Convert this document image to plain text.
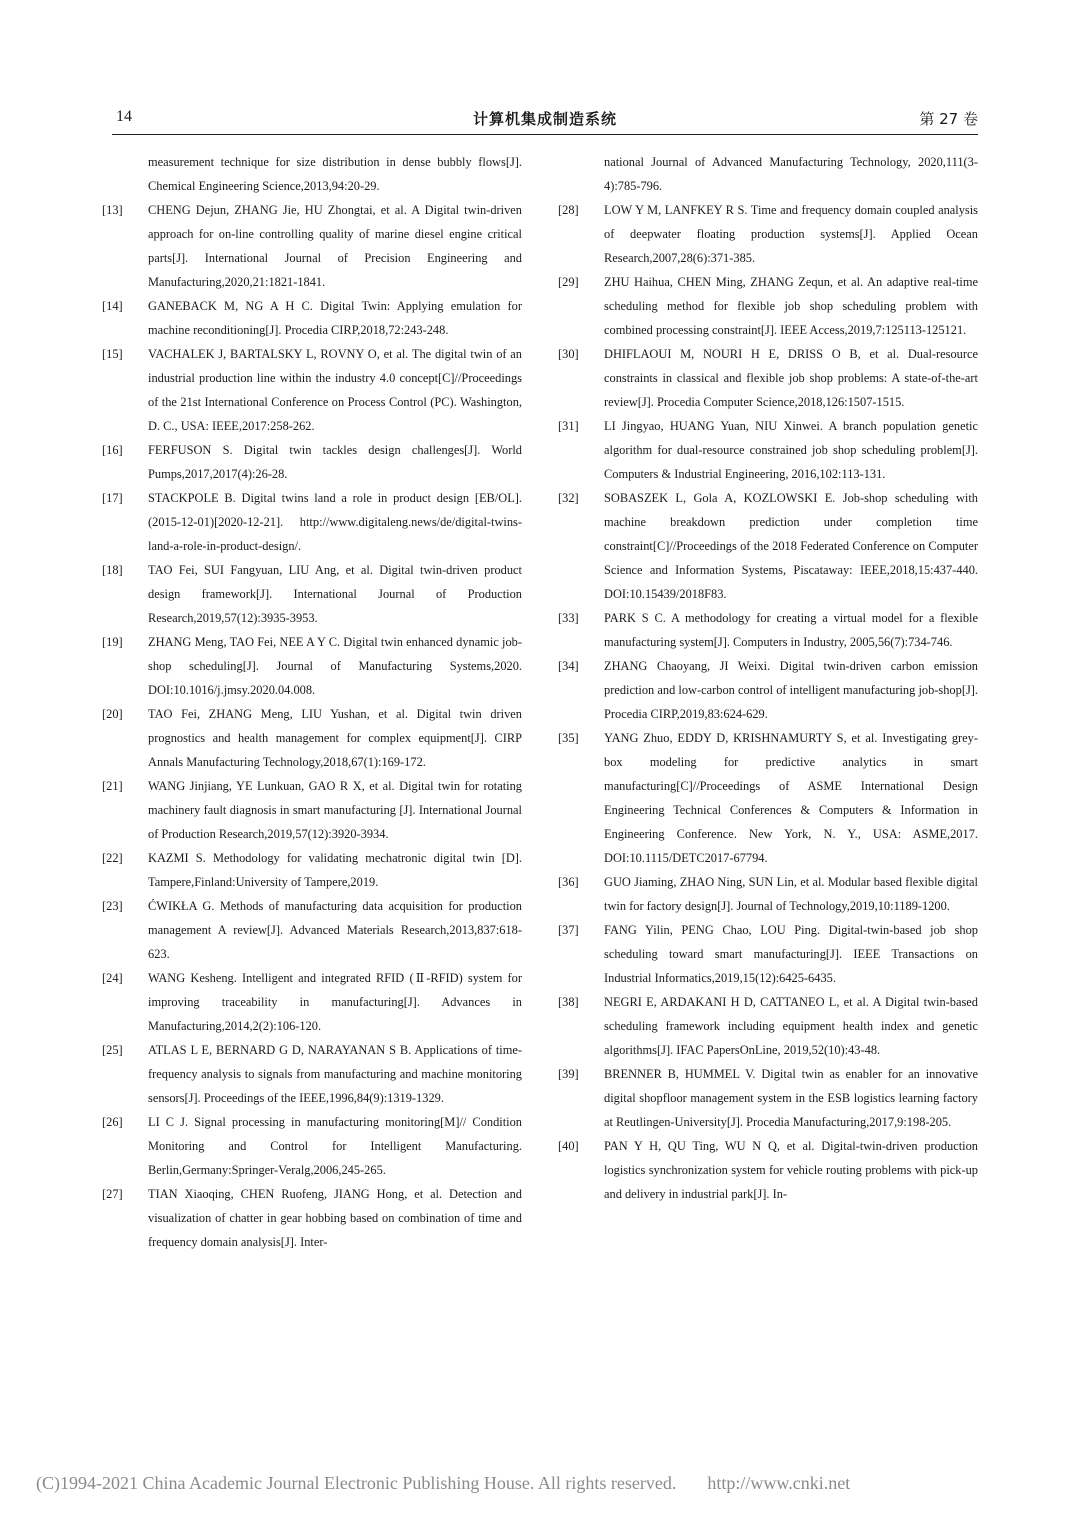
14	计算机集成制造系统	第 27 卷
measurement technique for size distribution in dense bubbly flows[J]. Chemical Engineering Science,2013,94:20-29.
[13]	CHENG Dejun, ZHANG Jie, HU Zhongtai, et al. A Digital twin-driven approach for on-line controlling quality of marine diesel engine critical parts[J]. International Journal of Precision Engineering and Manufacturing,2020,21:1821-1841.
[14]	GANEBACK M, NG A H C. Digital Twin: Applying emulation for machine reconditioning[J]. Procedia CIRP,2018,72:243-248.
[15]	VACHALEK J, BARTALSKY L, ROVNY O, et al. The digital twin of an industrial production line within the industry 4.0 concept[C]//Proceedings of the 21st International Conference on Process Control (PC). Washington, D. C., USA: IEEE,2017:258-262.
[16]	FERFUSON S. Digital twin tackles design challenges[J]. World Pumps,2017,2017(4):26-28.
[17]	STACKPOLE B. Digital twins land a role in product design [EB/OL]. (2015-12-01)[2020-12-21]. http://www.digitaleng.news/de/digital-twins-land-a-role-in-product-design/.
[18]	TAO Fei, SUI Fangyuan, LIU Ang, et al. Digital twin-driven product design framework[J]. International Journal of Production Research,2019,57(12):3935-3953.
[19]	ZHANG Meng, TAO Fei, NEE A Y C. Digital twin enhanced dynamic job-shop scheduling[J]. Journal of Manufacturing Systems,2020. DOI:10.1016/j.jmsy.2020.04.008.
[20]	TAO Fei, ZHANG Meng, LIU Yushan, et al. Digital twin driven prognostics and health management for complex equipment[J]. CIRP Annals Manufacturing Technology,2018,67(1):169-172.
[21]	WANG Jinjiang, YE Lunkuan, GAO R X, et al. Digital twin for rotating machinery fault diagnosis in smart manufacturing [J]. International Journal of Production Research,2019,57(12):3920-3934.
[22]	KAZMI S. Methodology for validating mechatronic digital twin [D]. Tampere,Finland:University of Tampere,2019.
[23]	ĆWIKŁA G. Methods of manufacturing data acquisition for production management A review[J]. Advanced Materials Research,2013,837:618-623.
[24]	WANG Kesheng. Intelligent and integrated RFID (Ⅱ-RFID) system for improving traceability in manufacturing[J]. Advances in Manufacturing,2014,2(2):106-120.
[25]	ATLAS L E, BERNARD G D, NARAYANAN S B. Applications of time-frequency analysis to signals from manufacturing and machine monitoring sensors[J]. Proceedings of the IEEE,1996,84(9):1319-1329.
[26]	LI C J. Signal processing in manufacturing monitoring[M]// Condition Monitoring and Control for Intelligent Manufacturing. Berlin,Germany:Springer-Veralg,2006,245-265.
[27]	TIAN Xiaoqing, CHEN Ruofeng, JIANG Hong, et al. Detection and visualization of chatter in gear hobbing based on combination of time and frequency domain analysis[J]. Inter-
national Journal of Advanced Manufacturing Technology, 2020,111(3-4):785-796.
[28]	LOW Y M, LANFKEY R S. Time and frequency domain coupled analysis of deepwater floating production systems[J]. Applied Ocean Research,2007,28(6):371-385.
[29]	ZHU Haihua, CHEN Ming, ZHANG Zequn, et al. An adaptive real-time scheduling method for flexible job shop scheduling problem with combined processing constraint[J]. IEEE Access,2019,7:125113-125121.
[30]	DHIFLAOUI M, NOURI H E, DRISS O B, et al. Dual-resource constraints in classical and flexible job shop problems: A state-of-the-art review[J]. Procedia Computer Science,2018,126:1507-1515.
[31]	LI Jingyao, HUANG Yuan, NIU Xinwei. A branch population genetic algorithm for dual-resource constrained job shop scheduling problem[J]. Computers & Industrial Engineering, 2016,102:113-131.
[32]	SOBASZEK L, Gola A, KOZLOWSKI E. Job-shop scheduling with machine breakdown prediction under completion time constraint[C]//Proceedings of the 2018 Federated Conference on Computer Science and Information Systems, Piscataway: IEEE,2018,15:437-440. DOI:10.15439/2018F83.
[33]	PARK S C. A methodology for creating a virtual model for a flexible manufacturing system[J]. Computers in Industry, 2005,56(7):734-746.
[34]	ZHANG Chaoyang, JI Weixi. Digital twin-driven carbon emission prediction and low-carbon control of intelligent manufacturing job-shop[J]. Procedia CIRP,2019,83:624-629.
[35]	YANG Zhuo, EDDY D, KRISHNAMURTY S, et al. Investigating grey-box modeling for predictive analytics in smart manufacturing[C]//Proceedings of ASME International Design Engineering Technical Conferences & Computers & Information in Engineering Conference. New York, N. Y., USA: ASME,2017. DOI:10.1115/DETC2017-67794.
[36]	GUO Jiaming, ZHAO Ning, SUN Lin, et al. Modular based flexible digital twin for factory design[J]. Journal of Technology,2019,10:1189-1200.
[37]	FANG Yilin, PENG Chao, LOU Ping. Digital-twin-based job shop scheduling toward smart manufacturing[J]. IEEE Transactions on Industrial Informatics,2019,15(12):6425-6435.
[38]	NEGRI E, ARDAKANI H D, CATTANEO L, et al. A Digital twin-based scheduling framework including equipment health index and genetic algorithms[J]. IFAC PapersOnLine, 2019,52(10):43-48.
[39]	BRENNER B, HUMMEL V. Digital twin as enabler for an innovative digital shopfloor management system in the ESB logistics learning factory at Reutlingen-University[J]. Procedia Manufacturing,2017,9:198-205.
[40]	PAN Y H, QU Ting, WU N Q, et al. Digital-twin-driven production logistics synchronization system for vehicle routing problems with pick-up and delivery in industrial park[J]. In-
(C)1994-2021 China Academic Journal Electronic Publishing House. All rights reserved. http://www.cnki.net
